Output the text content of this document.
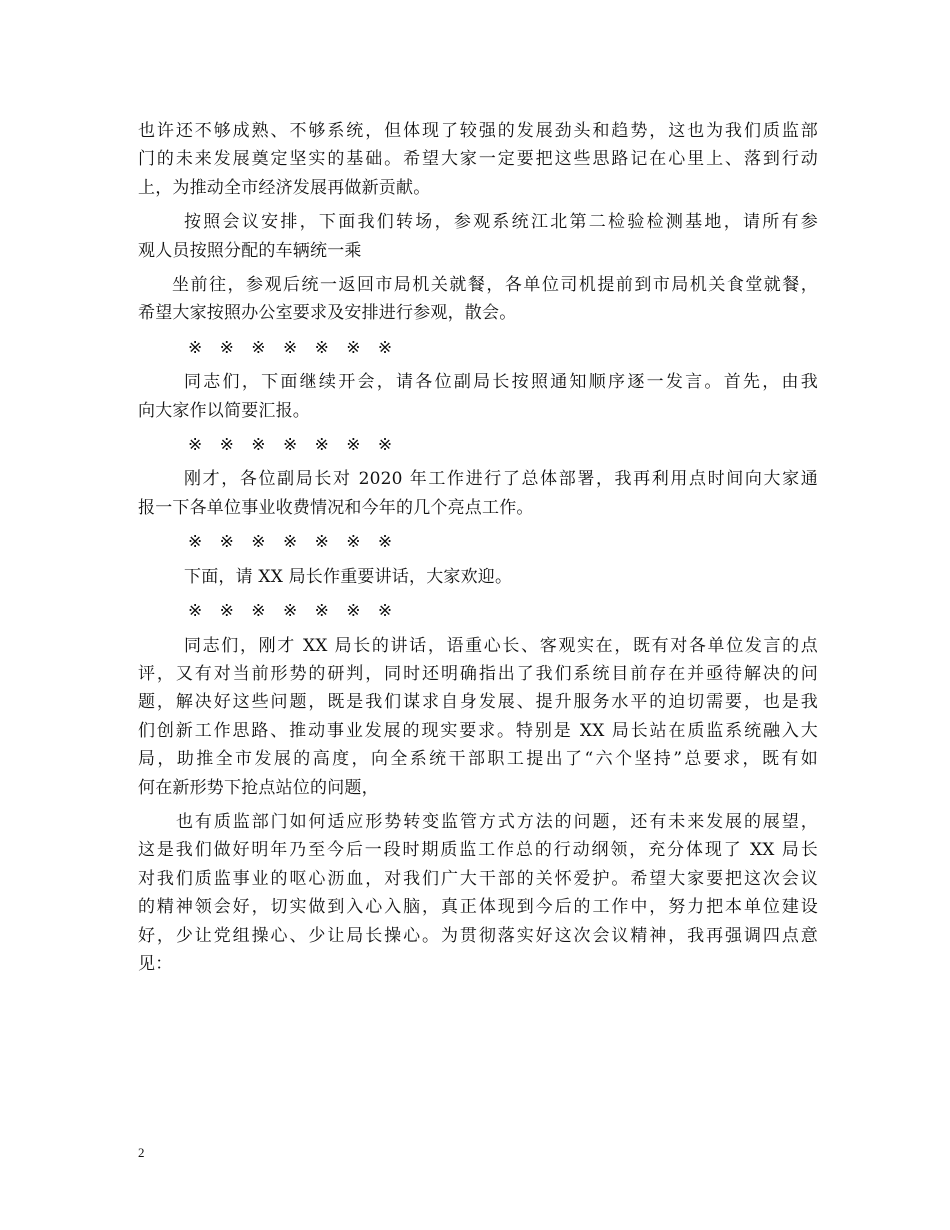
也许还不够成熟、不够系统，但体现了较强的发展劲头和趋势，这也为我们质监部
门的未来发展奠定坚实的基础。希望大家一定要把这些思路记在心里上、落到行动
上，为推动全市经济发展再做新贡献。
按照会议安排，下面我们转场，参观系统江北第二检验检测基地，请所有参
观人员按照分配的车辆统一乘
坐前往，参观后统一返回市局机关就餐，各单位司机提前到市局机关食堂就餐，
希望大家按照办公室要求及安排进行参观，散会。
※ ※ ※ ※ ※ ※ ※
同志们，下面继续开会，请各位副局长按照通知顺序逐一发言。首先，由我
向大家作以简要汇报。
※ ※ ※ ※ ※ ※ ※
刚才，各位副局长对 2020 年工作进行了总体部署，我再利用点时间向大家通
报一下各单位事业收费情况和今年的几个亮点工作。
※ ※ ※ ※ ※ ※ ※
下面，请 XX 局长作重要讲话，大家欢迎。
※ ※ ※ ※ ※ ※ ※
同志们，刚才 XX 局长的讲话，语重心长、客观实在，既有对各单位发言的点
评，又有对当前形势的研判，同时还明确指出了我们系统目前存在并亟待解决的问
题，解决好这些问题，既是我们谋求自身发展、提升服务水平的迫切需要，也是我
们创新工作思路、推动事业发展的现实要求。特别是 XX 局长站在质监系统融入大
局，助推全市发展的高度，向全系统干部职工提出了“六个坚持”总要求，既有如
何在新形势下抢点站位的问题，
也有质监部门如何适应形势转变监管方式方法的问题，还有未来发展的展望，
这是我们做好明年乃至今后一段时期质监工作总的行动纲领，充分体现了 XX 局长
对我们质监事业的呕心沥血，对我们广大干部的关怀爱护。希望大家要把这次会议
的精神领会好，切实做到入心入脑，真正体现到今后的工作中，努力把本单位建设
好，少让党组操心、少让局长操心。为贯彻落实好这次会议精神，我再强调四点意
见：
2
